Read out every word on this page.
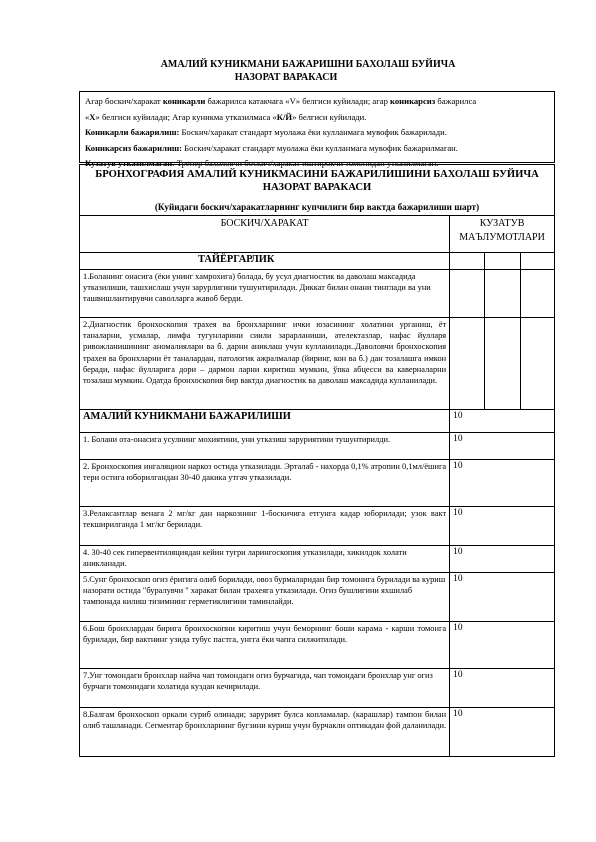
АМАЛИЙ КУНИКМАНИ БАЖАРИШНИ БАХОЛАШ БУЙИЧА
НАЗОРАТ ВАРАКАСИ

Агар боскич/харакат коникарли бажарилса катакчага «V» белгиси куйилади; агар коникарсиз бажарилса

«X» белгиси куйилади; Агар куникма утказилмаса «К/Й» белгиси куйилади.

Коникарли бажарилиш: Боскич/харакат стандарт муолажа ёки кулланмага мувофик бажарилади.

Коникарсиз бажарилиш: Боскич/харакат стандарт муолажа ёки кулланмага мувофик бажарилмаган.

Кузатув утказилмаган: Тренер бахоловчи боскич/харакат иштирокчи томонидан утказилмаган.

БРОНХОГРАФИЯ АМАЛИЙ КУНИКМАСИНИ БАЖАРИЛИШИНИ БАХОЛАШ БУЙИЧА НАЗОРАТ ВАРАКАСИ
(Куйидаги боскич/харакатларнинг купчилиги бир вактда бажарилиши шарт)			

БОСКИЧ/ХАРАКАТ	КУЗАТУВ МАЪЛУМОТЛАРИ		
ТАЙЁРГАРЛИК			
1.Боланинг онасига (ёки унинг хамрохига) болада, бу усул диагностик ва даволаш максадида утказилиши, ташхислаш учун зарурлигини тушунтирилади. Диккат билан онани тинглади ва уни ташвишлантирувчи саволларга жавоб берди.			
2.Диагностик бронхоскопия трахея ва бронхларнинг ички юзасининг холатини урганиш, ёт таналарни, усмалар, лимфа тугунларини сиили зарарланиши, ателектазлар, нафас йулларя ривожланишининг аномалиялари ва б. дарни аниклаш учун кулланилади..Даволовчи бронхоскопия трахея ва бронхларни ёт таналардан, патологик ажралмалар (йиринг, кон ва б.) дан тозалашга имкон беради, нафас йулларига дори – дармон ларни киритиш мумкин, ўпка абцесси ва каверналарни тозалаш мумкин. Одатда бронхоскопия бир вактда диагностик ва даволаш максадида кулланилади.			
АМАЛИЙ КУНИКМАНИ БАЖАРИЛИШИ	10		
1. Болани ота-онасига усулнинг мохиятини, уни утказиш заруриятини тушунтирилди.	10		
2. Бронхоскопия ингаляцион наркоз остида утказилади. Эрталаб - нахорда 0,1% атропин 0,1мл/ёшига тери остига юборилгандан 30-40 дакика утгач утказилади.	10		
3.Релаксантлар венага 2 мг/кг дан наркознинг 1-боскичига етгунга кадар юборилади; узок вакт текширилганда 1 мг/кг берилади.	10		
4. 30-40 сек гипервентиляциядан кейин туғри ларингоскопия утказилади, хикилдок холати аникланади.	10		
5.Сунг бронхоскоп огиз ёригига олиб борилади, овоз бурмаларидан бир томонига бурилади ва куриш назорати остида "буралувчи " харакат билан трахеяга утказилади. Огиз бушлигини яхшилаб тампонада килиш тизимнинг герметиклигини таминлайди.	10		
6.Бош бронхлардан бирига бронхоскопни киритиш учун беморнинг боши карама - карши томонга бурилади, бир вактнинг узида тубус пастга, унгга ёки чапга силжитилади.	10		
7.Унг томондаги бронхлар найча чап томондаги огиз бурчагида, чап томондаги бронхлар унг огиз бурчаги томонидаги холатида куздан кечирилади.	10		
8.Балгам бронхоскоп оркали суриб олинади; зарурият булса копламалар. (карашлар) тампон билан олиб ташланади. Сегментар бронхларнинг бугзини куриш учун бурчакли оптикадан фой даланилади.	10		
